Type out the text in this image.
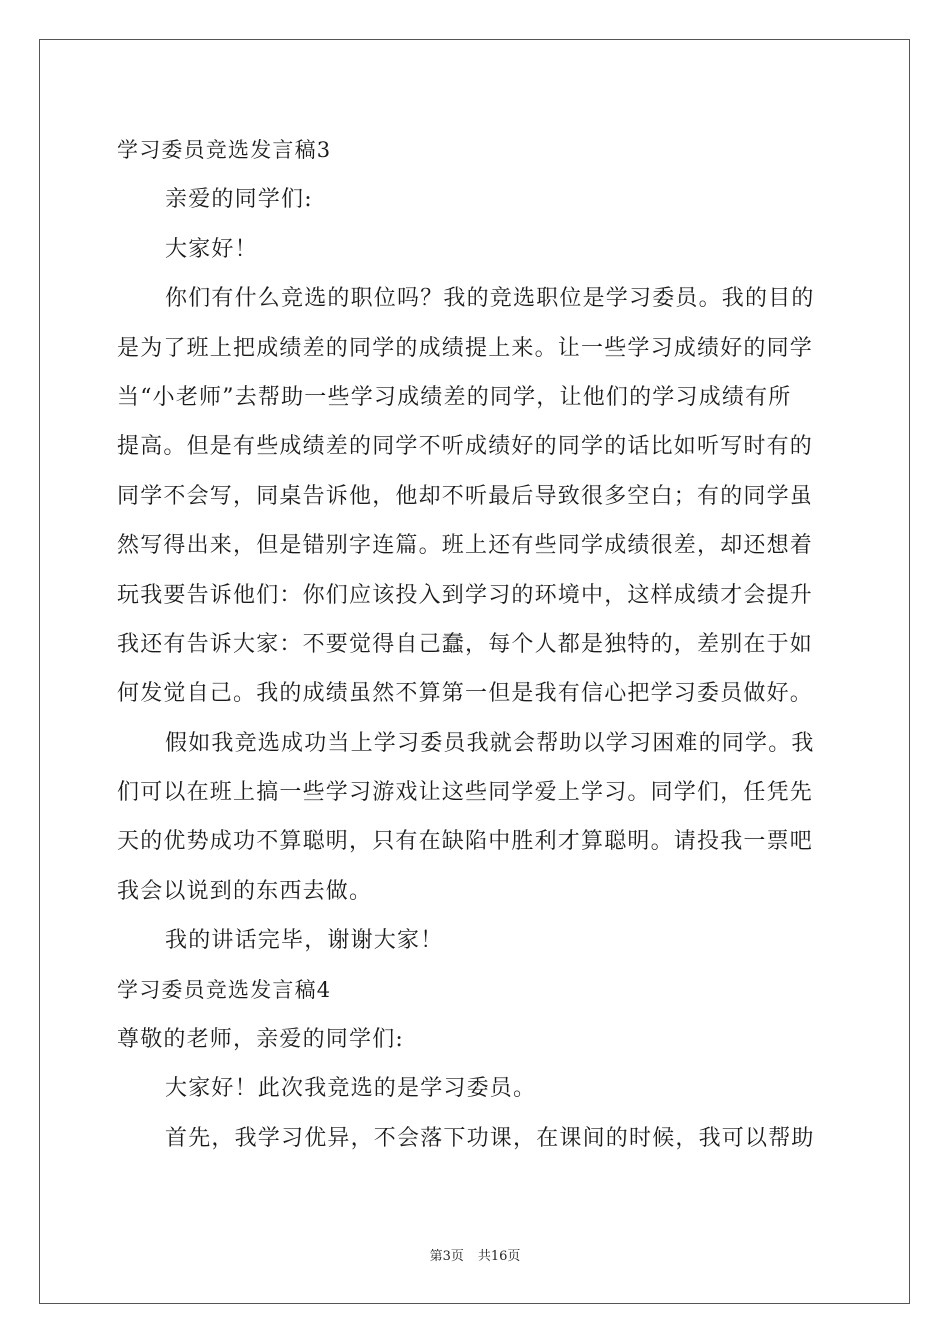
学习委员竞选发言稿3
亲爱的同学们:
大家好！
你们有什么竞选的职位吗？我的竞选职位是学习委员。我的目的
是为了班上把成绩差的同学的成绩提上来。让一些学习成绩好的同学
当“小老师”去帮助一些学习成绩差的同学，让他们的学习成绩有所
提高。但是有些成绩差的同学不听成绩好的同学的话比如听写时有的
同学不会写，同桌告诉他，他却不听最后导致很多空白；有的同学虽
然写得出来，但是错别字连篇。班上还有些同学成绩很差，却还想着
玩我要告诉他们：你们应该投入到学习的环境中，这样成绩才会提升
我还有告诉大家：不要觉得自己蠢，每个人都是独特的，差别在于如
何发觉自己。我的成绩虽然不算第一但是我有信心把学习委员做好。
假如我竞选成功当上学习委员我就会帮助以学习困难的同学。我
们可以在班上搞一些学习游戏让这些同学爱上学习。同学们，任凭先
天的优势成功不算聪明，只有在缺陷中胜利才算聪明。请投我一票吧
我会以说到的东西去做。
我的讲话完毕，谢谢大家！
学习委员竞选发言稿4
尊敬的老师，亲爱的同学们:
大家好！此次我竞选的是学习委员。
首先，我学习优异，不会落下功课，在课间的时候，我可以帮助
第3页 共16页
